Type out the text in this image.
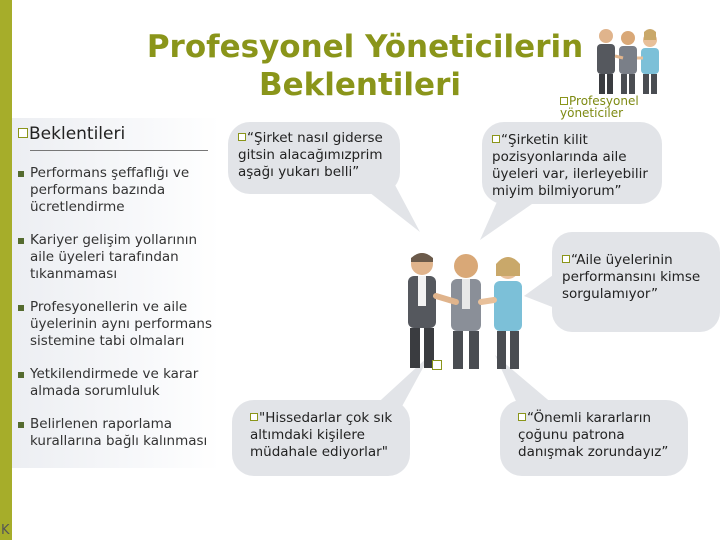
K
Profesyonel Yöneticilerin
Beklentileri	Profesyonel yöneticiler
Beklentileri
Performans şeffaflığı ve performans bazında ücretlendirme
Kariyer gelişim yollarının aile üyeleri tarafından tıkanmaması
Profesyonellerin ve aile üyelerinin aynı performans sistemine tabi olmaları
Yetkilendirmede ve karar almada sorumluluk
Belirlenen raporlama kurallarına bağlı kalınması
“Şirket nasıl giderse gitsin alacağımızprim aşağı yukarı belli”
“Şirketin kilit pozisyonlarında aile üyeleri var, ilerleyebilir miyim bilmiyorum”
“Aile üyelerinin performansını kimse sorgulamıyor”
"Hissedarlar çok sık altımdaki kişilere müdahale ediyorlar"
“Önemli kararların çoğunu patrona danışmak zorundayız”
